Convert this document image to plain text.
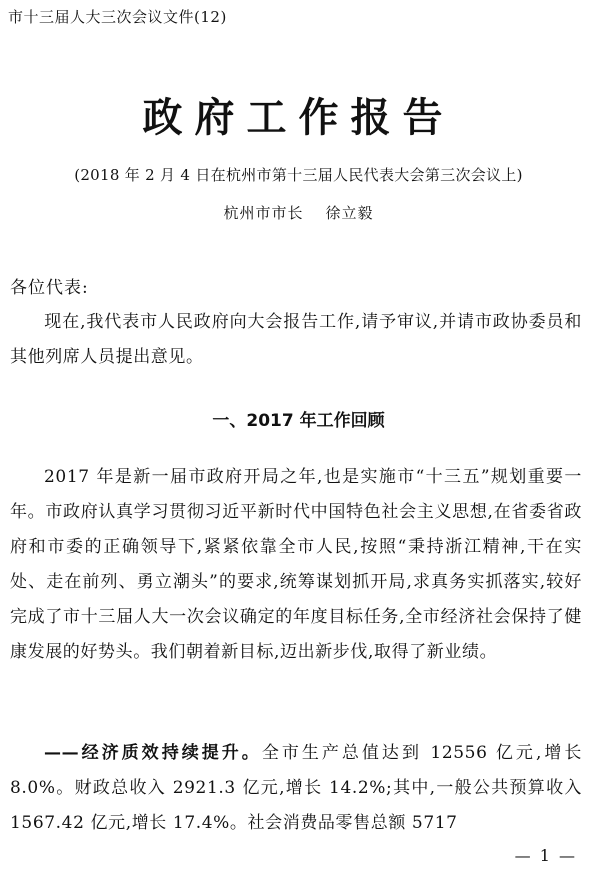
市十三届人大三次会议文件(12)
政府工作报告
(2018 年 2 月 4 日在杭州市第十三届人民代表大会第三次会议上)
杭州市市长 徐立毅
各位代表:
现在,我代表市人民政府向大会报告工作,请予审议,并请市政协委员和其他列席人员提出意见。
一、2017 年工作回顾
2017 年是新一届市政府开局之年,也是实施市“十三五”规划重要一年。市政府认真学习贯彻习近平新时代中国特色社会主义思想,在省委省政府和市委的正确领导下,紧紧依靠全市人民,按照“秉持浙江精神,干在实处、走在前列、勇立潮头”的要求,统筹谋划抓开局,求真务实抓落实,较好完成了市十三届人大一次会议确定的年度目标任务,全市经济社会保持了健康发展的好势头。我们朝着新目标,迈出新步伐,取得了新业绩。
——经济质效持续提升。全市生产总值达到 12556 亿元,增长 8.0%。财政总收入 2921.3 亿元,增长 14.2%;其中,一般公共预算收入 1567.42 亿元,增长 17.4%。社会消费品零售总额 5717
— 1 —
